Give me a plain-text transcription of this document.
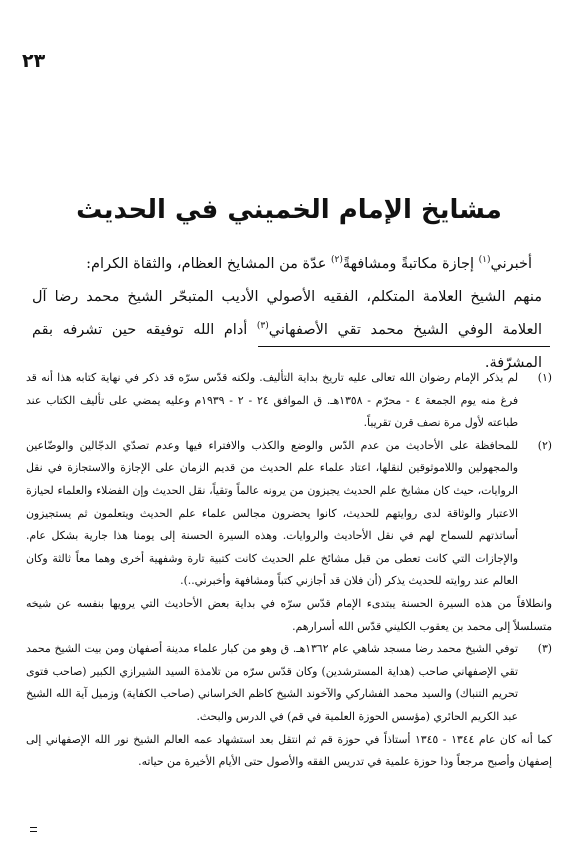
٢٣
مشايخ الإمام الخميني في الحديث

أخبرني$^{(١)}$ إجازة مكاتبةً ومشافهةً$^{(٢)}$ عدّة من المشايخ العظام، والثقاة الكرام:

منهم الشيخ العلامة المتكلم، الفقيه الأصولي الأديب المتبحّر الشيخ محمد رضا آل العلامة الوفي الشيخ محمد تقي الأصفهاني$^{(٣)}$ أدام الله توفيقه حين تشرفه بقم المشرّفة.

(١)

لم يذكر الإمام رضوان الله تعالى عليه تاريخ بداية التأليف. ولكنه قدّس سرّه قد ذكر في نهاية كتابه هذا أنه قد فرغ منه يوم الجمعة ٤ - محرّم - ١٣٥٨هـ. ق الموافق ٢٤ - ٢ - ١٩٣٩م وعليه يمضي على تأليف الكتاب عند طباعته لأول مرة نصف قرن تقريباً.

(٢)

للمحافظة على الأحاديث من عدم الدّس والوضع والكذب والافتراء فيها وعدم تصدّي الدجّالين والوضّاعين والمجهولين واللاموثوقين لنقلها، اعتاد علماء علم الحديث من قديم الزمان على الإجازة والاستجازة في نقل الروايات، حيث كان مشايخ علم الحديث يجيزون من يرونه عالماً وتقياً، نقل الحديث وإن الفضلاء والعلماء لحيازة الاعتبار والوثاقة لدى روايتهم للحديث، كانوا يحضرون مجالس علماء علم الحديث ويتعلمون ثم يستجيزون أساتذتهم للسماح لهم في نقل الأحاديث والروايات. وهذه السيرة الحسنة إلى يومنا هذا جارية بشكل عام. والإجازات التي كانت تعطى من قبل مشائخ علم الحديث كانت كتبية تارة وشفهية أخرى وهما معاً ثالثة وكان العالم عند روايته للحديث يذكر (أن فلان قد أجازني كتباً ومشافهة وأخبرني..).

وانطلاقاً من هذه السيرة الحسنة يبتدىء الإمام قدّس سرّه في بداية بعض الأحاديث التي يرويها بنفسه عن شيخه متسلسلاً إلى محمد بن يعقوب الكليني قدّس الله أسرارهم.

(٣)

توفي الشيخ محمد رضا مسجد شاهي عام ١٣٦٢هـ. ق وهو من كبار علماء مدينة أصفهان ومن بيت الشيخ محمد تقي الإصفهاني صاحب (هداية المسترشدين) وكان قدّس سرّه من تلامذة السيد الشيرازي الكبير (صاحب فتوى تحريم التنباك) والسيد محمد الفشاركي والآخوند الشيخ كاظم الخراساني (صاحب الكفاية) وزميل آية الله الشيخ عبد الكريم الحائري (مؤسس الحوزة العلمية في قم) في الدرس والبحث.

كما أنه كان عام ١٣٤٤ - ١٣٤٥ أستاذاً في حوزة قم ثم انتقل بعد استشهاد عمه العالم الشيخ نور الله الإصفهاني إلى إصفهان وأصبح مرجعاً وذا حوزة علمية في تدريس الفقه والأصول حتى الأيام الأخيرة من حياته.
